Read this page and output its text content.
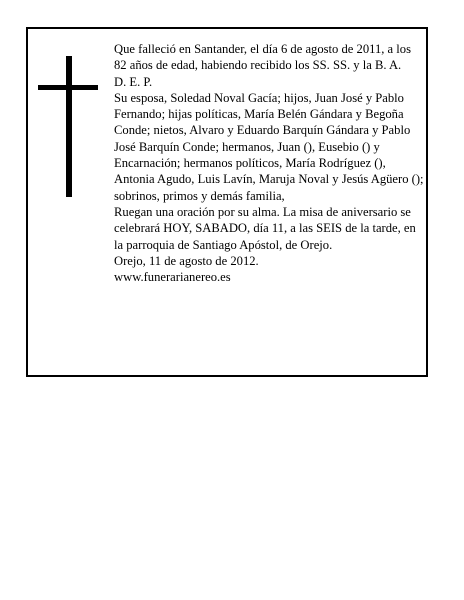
Que falleció en Santander, el día 6 de agosto de 2011, a los 82 años de edad, habiendo recibido los SS. SS. y la B. A.

D. E. P.

Su esposa, Soledad Noval Gacía; hijos, Juan José y Pablo Fernando; hijas políticas, María Belén Gándara y Begoña Conde; nietos, Alvaro y Eduardo Barquín Gándara y Pablo José Barquín Conde; hermanos, Juan (), Eusebio () y Encarnación; hermanos políticos, María Rodríguez (), Antonia Agudo, Luis Lavín, Maruja Noval y Jesús Agüero (); sobrinos, primos y demás familia,

Ruegan una oración por su alma. La misa de aniversario se celebrará HOY, SABADO, día 11, a las SEIS de la tarde, en la parroquia de Santiago Apóstol, de Orejo.

Orejo, 11 de agosto de 2012.

www.funerarianereo.es
